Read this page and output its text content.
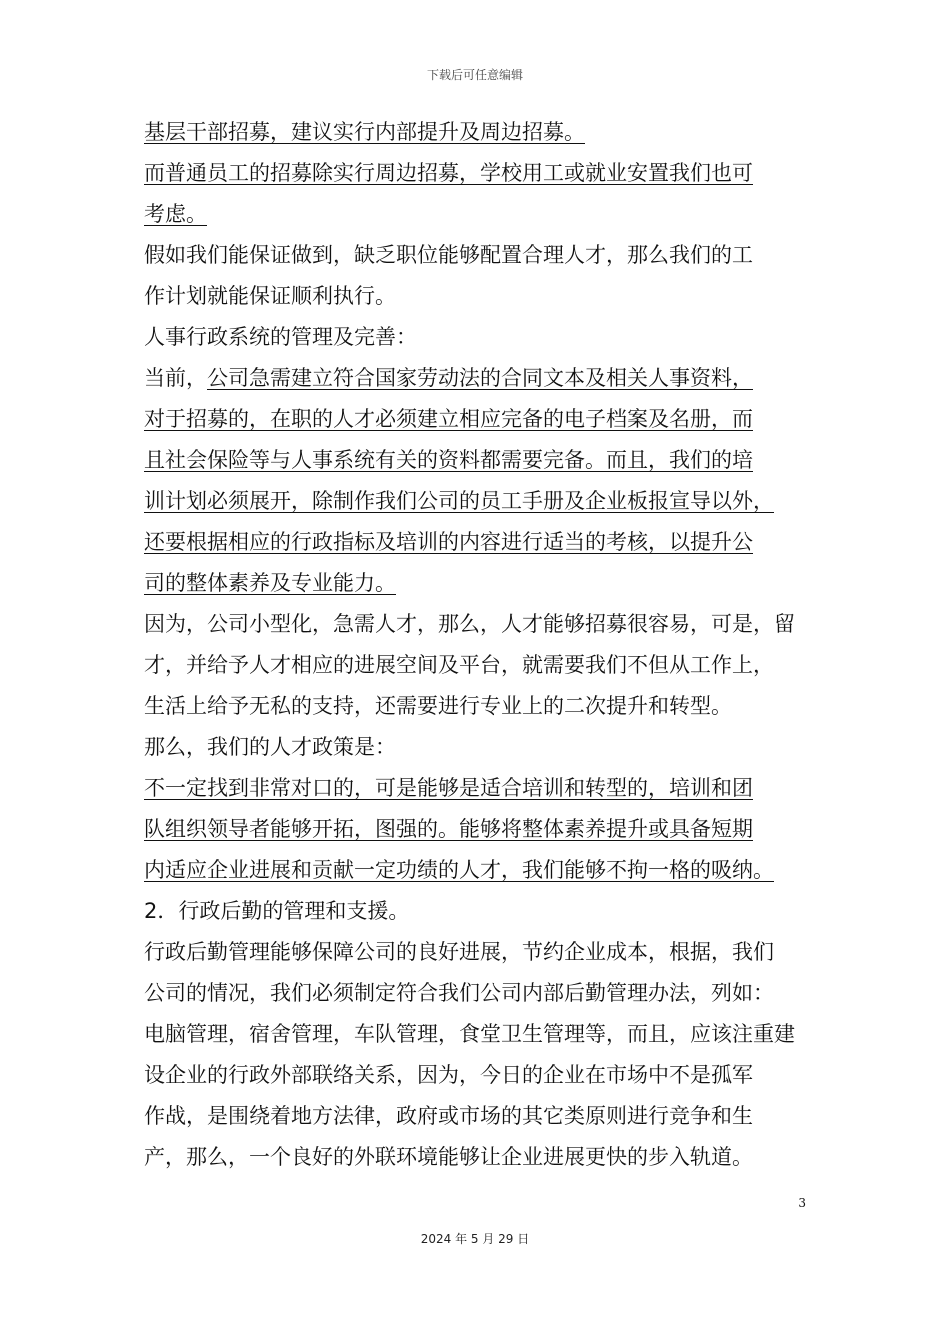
下载后可任意编辑
基层干部招募，建议实行内部提升及周边招募。
而普通员工的招募除实行周边招募，学校用工或就业安置我们也可
考虑。
假如我们能保证做到，缺乏职位能够配置合理人才，那么我们的工
作计划就能保证顺利执行。
人事行政系统的管理及完善：
当前，公司急需建立符合国家劳动法的合同文本及相关人事资料，
对于招募的，在职的人才必须建立相应完备的电子档案及名册，而
且社会保险等与人事系统有关的资料都需要完备。而且，我们的培
训计划必须展开，除制作我们公司的员工手册及企业板报宣导以外，
还要根据相应的行政指标及培训的内容进行适当的考核，以提升公
司的整体素养及专业能力。
因为，公司小型化，急需人才，那么，人才能够招募很容易，可是，留
才，并给予人才相应的进展空间及平台，就需要我们不但从工作上，
生活上给予无私的支持，还需要进行专业上的二次提升和转型。
那么，我们的人才政策是：
不一定找到非常对口的，可是能够是适合培训和转型的，培训和团
队组织领导者能够开拓，图强的。能够将整体素养提升或具备短期
内适应企业进展和贡献一定功绩的人才，我们能够不拘一格的吸纳。
2．行政后勤的管理和支援。
行政后勤管理能够保障公司的良好进展，节约企业成本，根据，我们
公司的情况，我们必须制定符合我们公司内部后勤管理办法，列如：
电脑管理，宿舍管理，车队管理，食堂卫生管理等，而且，应该注重建
设企业的行政外部联络关系，因为，今日的企业在市场中不是孤军
作战，是围绕着地方法律，政府或市场的其它类原则进行竞争和生
产，那么，一个良好的外联环境能够让企业进展更快的步入轨道。
3
2024 年 5 月 29 日
